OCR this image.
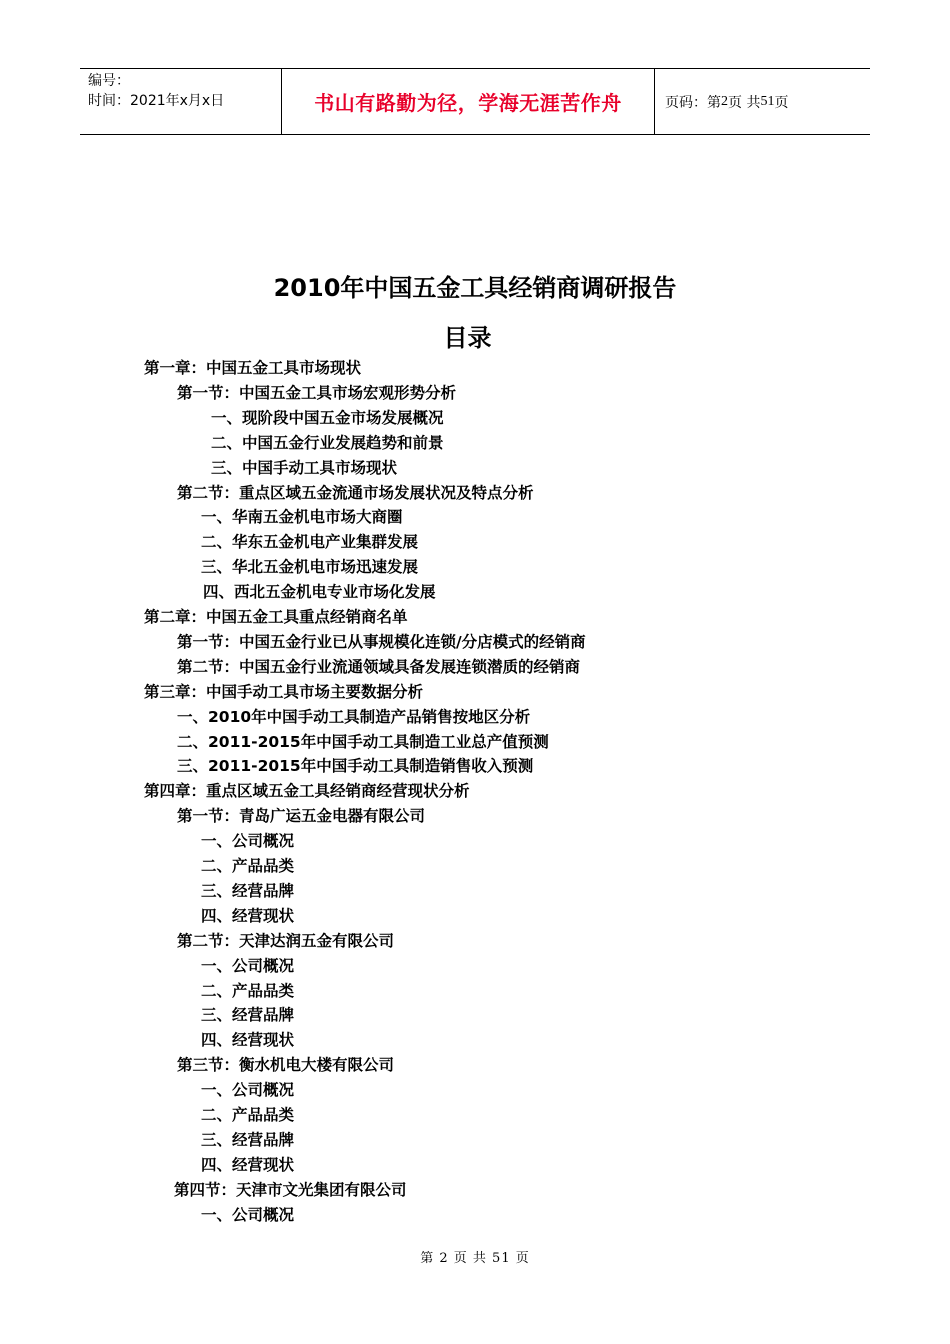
编号：
时间：2021年x月x日	书山有路勤为径，学海无涯苦作舟	页码：第 2 页 共 51 页
2010年中国五金工具经销商调研报告
目录
第一章：中国五金工具市场现状
第一节：中国五金工具市场宏观形势分析
一、现阶段中国五金市场发展概况
二、中国五金行业发展趋势和前景
三、中国手动工具市场现状
第二节：重点区域五金流通市场发展状况及特点分析
一、华南五金机电市场大商圈
二、华东五金机电产业集群发展
三、华北五金机电市场迅速发展
四、西北五金机电专业市场化发展
第二章：中国五金工具重点经销商名单
第一节：中国五金行业已从事规模化连锁/分店模式的经销商
第二节：中国五金行业流通领域具备发展连锁潜质的经销商
第三章：中国手动工具市场主要数据分析
一、2010年中国手动工具制造产品销售按地区分析
二、2011-2015年中国手动工具制造工业总产值预测
三、2011-2015年中国手动工具制造销售收入预测
第四章：重点区域五金工具经销商经营现状分析
第一节：青岛广运五金电器有限公司
一、公司概况
二、产品品类
三、经营品牌
四、经营现状
第二节：天津达润五金有限公司
一、公司概况
二、产品品类
三、经营品牌
四、经营现状
第三节：衡水机电大楼有限公司
一、公司概况
二、产品品类
三、经营品牌
四、经营现状
第四节：天津市文光集团有限公司
一、公司概况
第 2 页 共 51 页
